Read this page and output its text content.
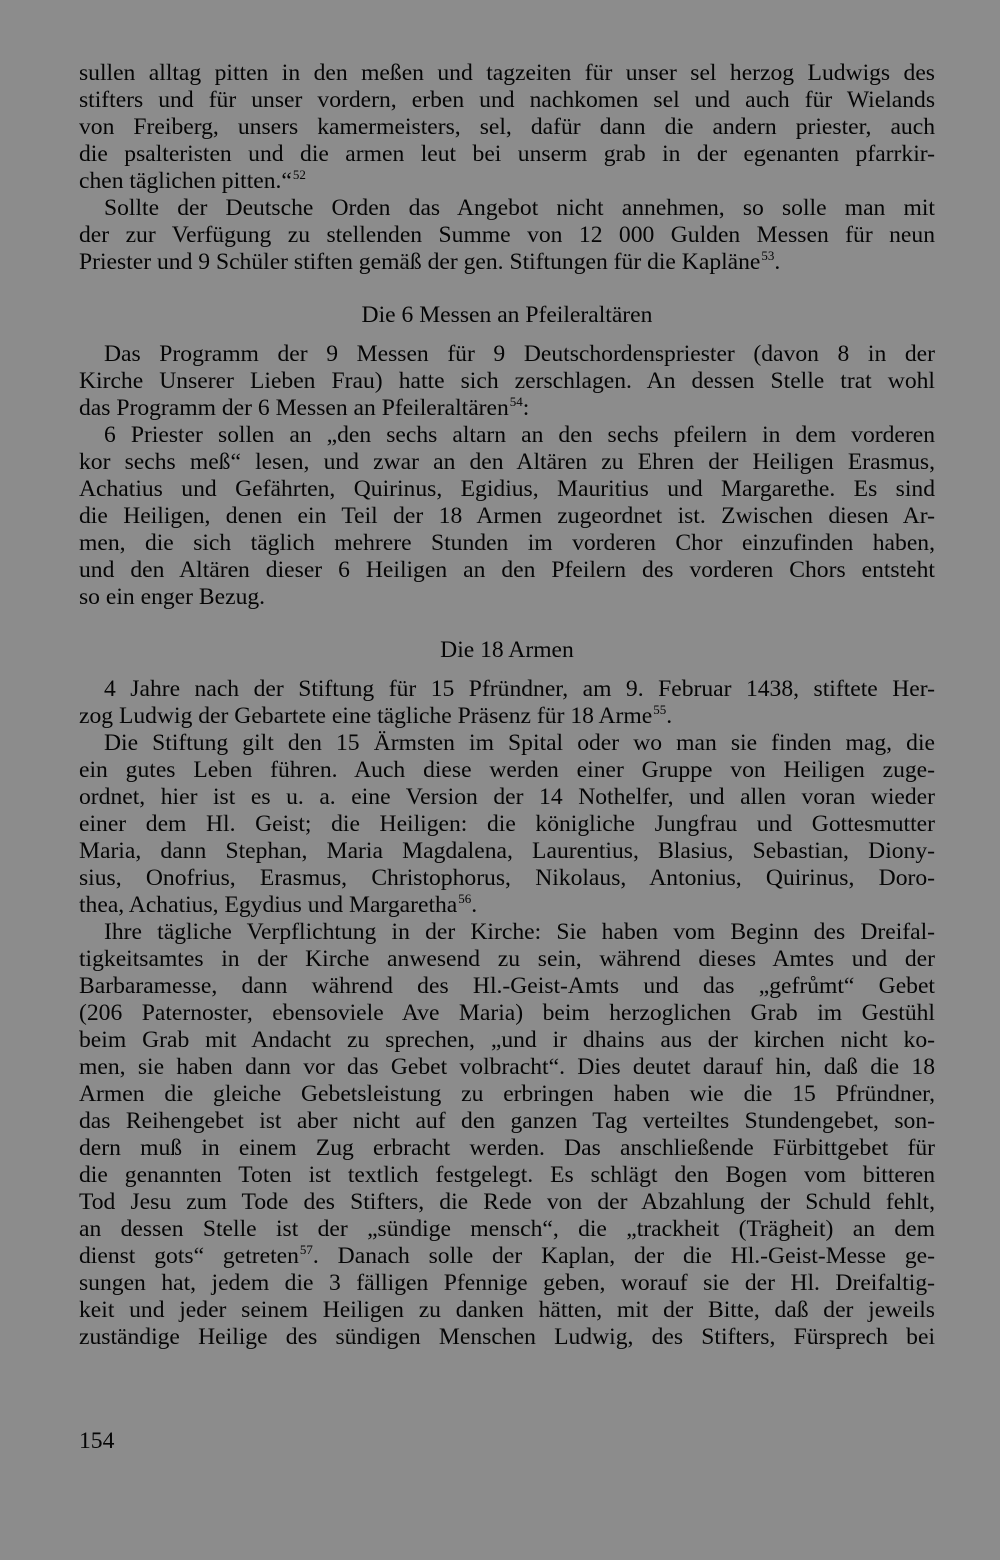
sullen alltag pitten in den meßen und tagzeiten für unser sel herzog Ludwigs des
stifters und für unser vordern, erben und nachkomen sel und auch für Wielands
von Freiberg, unsers kamermeisters, sel, dafür dann die andern priester, auch
die psalteristen und die armen leut bei unserm grab in der egenanten pfarrkir-
chen täglichen pitten.“$^{52}$
Sollte der Deutsche Orden das Angebot nicht annehmen, so solle man mit
der zur Verfügung zu stellenden Summe von 12 000 Gulden Messen für neun
Priester und 9 Schüler stiften gemäß der gen. Stiftungen für die Kapläne$^{53}$.
Die 6 Messen an Pfeileraltären
Das Programm der 9 Messen für 9 Deutschordenspriester (davon 8 in der
Kirche Unserer Lieben Frau) hatte sich zerschlagen. An dessen Stelle trat wohl
das Programm der 6 Messen an Pfeileraltären$^{54}$:
6 Priester sollen an „den sechs altarn an den sechs pfeilern in dem vorderen
kor sechs meß“ lesen, und zwar an den Altären zu Ehren der Heiligen Erasmus,
Achatius und Gefährten, Quirinus, Egidius, Mauritius und Margarethe. Es sind
die Heiligen, denen ein Teil der 18 Armen zugeordnet ist. Zwischen diesen Ar-
men, die sich täglich mehrere Stunden im vorderen Chor einzufinden haben,
und den Altären dieser 6 Heiligen an den Pfeilern des vorderen Chors entsteht
so ein enger Bezug.
Die 18 Armen
4 Jahre nach der Stiftung für 15 Pfründner, am 9. Februar 1438, stiftete Her-
zog Ludwig der Gebartete eine tägliche Präsenz für 18 Arme$^{55}$.
Die Stiftung gilt den 15 Ärmsten im Spital oder wo man sie finden mag, die
ein gutes Leben führen. Auch diese werden einer Gruppe von Heiligen zuge-
ordnet, hier ist es u. a. eine Version der 14 Nothelfer, und allen voran wieder
einer dem Hl. Geist; die Heiligen: die königliche Jungfrau und Gottesmutter
Maria, dann Stephan, Maria Magdalena, Laurentius, Blasius, Sebastian, Diony-
sius, Onofrius, Erasmus, Christophorus, Nikolaus, Antonius, Quirinus, Doro-
thea, Achatius, Egydius und Margaretha$^{56}$.
Ihre tägliche Verpflichtung in der Kirche: Sie haben vom Beginn des Dreifal-
tigkeitsamtes in der Kirche anwesend zu sein, während dieses Amtes und der
Barbaramesse, dann während des Hl.-Geist-Amts und das „gefrůmt“ Gebet
(206 Paternoster, ebensoviele Ave Maria) beim herzoglichen Grab im Gestühl
beim Grab mit Andacht zu sprechen, „und ir dhains aus der kirchen nicht ko-
men, sie haben dann vor das Gebet volbracht“. Dies deutet darauf hin, daß die 18
Armen die gleiche Gebetsleistung zu erbringen haben wie die 15 Pfründner,
das Reihengebet ist aber nicht auf den ganzen Tag verteiltes Stundengebet, son-
dern muß in einem Zug erbracht werden. Das anschließende Fürbittgebet für
die genannten Toten ist textlich festgelegt. Es schlägt den Bogen vom bitteren
Tod Jesu zum Tode des Stifters, die Rede von der Abzahlung der Schuld fehlt,
an dessen Stelle ist der „sündige mensch“, die „trackheit (Trägheit) an dem
dienst gots“ getreten$^{57}$. Danach solle der Kaplan, der die Hl.-Geist-Messe ge-
sungen hat, jedem die 3 fälligen Pfennige geben, worauf sie der Hl. Dreifaltig-
keit und jeder seinem Heiligen zu danken hätten, mit der Bitte, daß der jeweils
zuständige Heilige des sündigen Menschen Ludwig, des Stifters, Fürsprech bei
154
